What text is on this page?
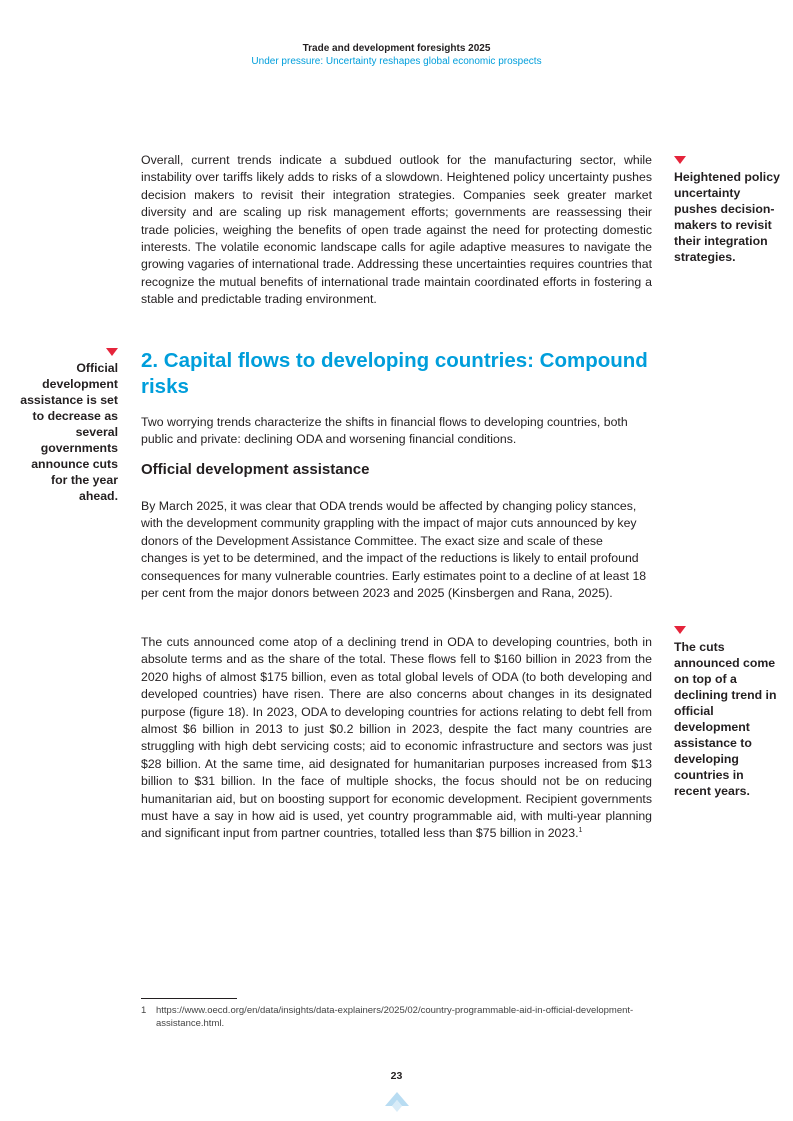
Trade and development foresights 2025
Under pressure: Uncertainty reshapes global economic prospects

Overall, current trends indicate a subdued outlook for the manufacturing sector, while instability over tariffs likely adds to risks of a slowdown. Heightened policy uncertainty pushes decision makers to revisit their integration strategies. Companies seek greater market diversity and are scaling up risk management efforts; governments are reassessing their trade policies, weighing the benefits of open trade against the need for protecting domestic interests. The volatile economic landscape calls for agile adaptive measures to navigate the growing vagaries of international trade. Addressing these uncertainties requires countries that recognize the mutual benefits of international trade maintain coordinated efforts in fostering a stable and predictable trading environment.

Heightened policy uncertainty pushes decision-makers to revisit their integration strategies.
Official development assistance is set to decrease as several governments announce cuts for the year ahead.
2. Capital flows to developing countries: Compound risks

Two worrying trends characterize the shifts in financial flows to developing countries, both public and private: declining ODA and worsening financial conditions.

Official development assistance

By March 2025, it was clear that ODA trends would be affected by changing policy stances, with the development community grappling with the impact of major cuts announced by key donors of the Development Assistance Committee. The exact size and scale of these changes is yet to be determined, and the impact of the reductions is likely to entail profound consequences for many vulnerable countries. Early estimates point to a decline of at least 18 per cent from the major donors between 2023 and 2025 (Kinsbergen and Rana, 2025).

The cuts announced come atop of a declining trend in ODA to developing countries, both in absolute terms and as the share of the total. These flows fell to $160 billion in 2023 from the 2020 highs of almost $175 billion, even as total global levels of ODA (to both developing and developed countries) have risen. There are also concerns about changes in its designated purpose (figure 18). In 2023, ODA to developing countries for actions relating to debt fell from almost $6 billion in 2013 to just $0.2 billion in 2023, despite the fact many countries are struggling with high debt servicing costs; aid to economic infrastructure and sectors was just $28 billion. At the same time, aid designated for humanitarian purposes increased from $13 billion to $31 billion. In the face of multiple shocks, the focus should not be on reducing humanitarian aid, but on boosting support for economic development. Recipient governments must have a say in how aid is used, yet country programmable aid, with multi-year planning and significant input from partner countries, totalled less than $75 billion in 2023.$^1$

The cuts announced come on top of a declining trend in official development assistance to developing countries in recent years.
1 https://www.oecd.org/en/data/insights/data-explainers/2025/02/country-programmable-aid-in-official-development-assistance.html.
23
